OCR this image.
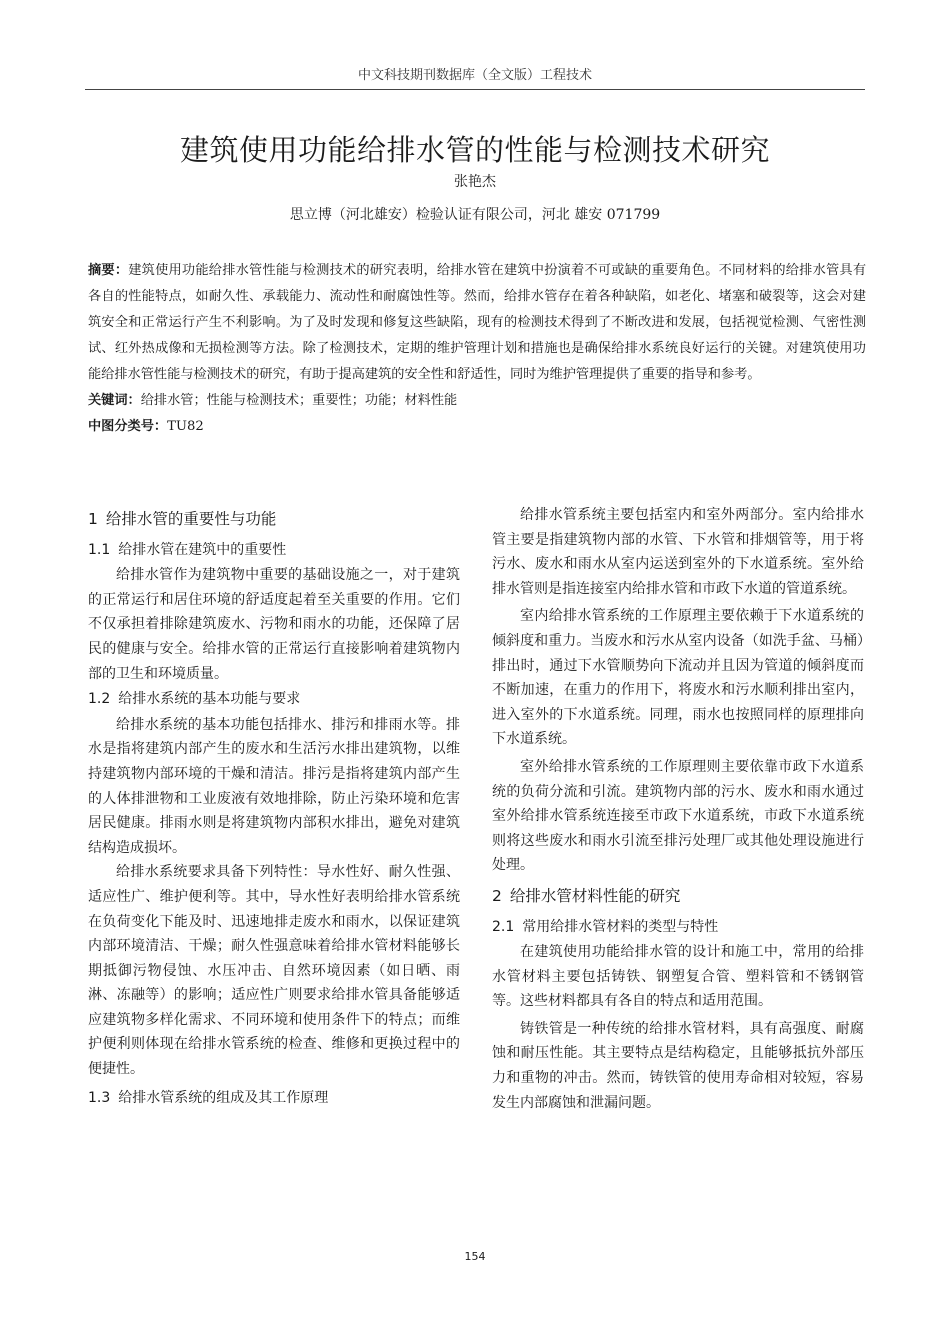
中文科技期刊数据库（全文版）工程技术
建筑使用功能给排水管的性能与检测技术研究
张艳杰
思立博（河北雄安）检验认证有限公司，河北 雄安 071799

摘要：建筑使用功能给排水管性能与检测技术的研究表明，给排水管在建筑中扮演着不可或缺的重要角色。不同材料的给排水管具有各自的性能特点，如耐久性、承载能力、流动性和耐腐蚀性等。然而，给排水管存在着各种缺陷，如老化、堵塞和破裂等，这会对建筑安全和正常运行产生不利影响。为了及时发现和修复这些缺陷，现有的检测技术得到了不断改进和发展，包括视觉检测、气密性测试、红外热成像和无损检测等方法。除了检测技术，定期的维护管理计划和措施也是确保给排水系统良好运行的关键。对建筑使用功能给排水管性能与检测技术的研究，有助于提高建筑的安全性和舒适性，同时为维护管理提供了重要的指导和参考。

关键词：给排水管；性能与检测技术；重要性；功能；材料性能

中图分类号：TU82

1 给排水管的重要性与功能
1.1 给排水管在建筑中的重要性

给排水管作为建筑物中重要的基础设施之一，对于建筑的正常运行和居住环境的舒适度起着至关重要的作用。它们不仅承担着排除建筑废水、污物和雨水的功能，还保障了居民的健康与安全。给排水管的正常运行直接影响着建筑物内部的卫生和环境质量。

1.2 给排水系统的基本功能与要求

给排水系统的基本功能包括排水、排污和排雨水等。排水是指将建筑内部产生的废水和生活污水排出建筑物，以维持建筑物内部环境的干燥和清洁。排污是指将建筑内部产生的人体排泄物和工业废液有效地排除，防止污染环境和危害居民健康。排雨水则是将建筑物内部积水排出，避免对建筑结构造成损坏。

给排水系统要求具备下列特性：导水性好、耐久性强、适应性广、维护便利等。其中，导水性好表明给排水管系统在负荷变化下能及时、迅速地排走废水和雨水，以保证建筑内部环境清洁、干燥；耐久性强意味着给排水管材料能够长期抵御污物侵蚀、水压冲击、自然环境因素（如日晒、雨淋、冻融等）的影响；适应性广则要求给排水管具备能够适应建筑物多样化需求、不同环境和使用条件下的特点；而维护便利则体现在给排水管系统的检查、维修和更换过程中的便捷性。

1.3 给排水管系统的组成及其工作原理

给排水管系统主要包括室内和室外两部分。室内给排水管主要是指建筑物内部的水管、下水管和排烟管等，用于将污水、废水和雨水从室内运送到室外的下水道系统。室外给排水管则是指连接室内给排水管和市政下水道的管道系统。

室内给排水管系统的工作原理主要依赖于下水道系统的倾斜度和重力。当废水和污水从室内设备（如洗手盆、马桶）排出时，通过下水管顺势向下流动并且因为管道的倾斜度而不断加速，在重力的作用下，将废水和污水顺利排出室内，进入室外的下水道系统。同理，雨水也按照同样的原理排向下水道系统。

室外给排水管系统的工作原理则主要依靠市政下水道系统的负荷分流和引流。建筑物内部的污水、废水和雨水通过室外给排水管系统连接至市政下水道系统，市政下水道系统则将这些废水和雨水引流至排污处理厂或其他处理设施进行处理。

2 给排水管材料性能的研究
2.1 常用给排水管材料的类型与特性

在建筑使用功能给排水管的设计和施工中，常用的给排水管材料主要包括铸铁、钢塑复合管、塑料管和不锈钢管等。这些材料都具有各自的特点和适用范围。

铸铁管是一种传统的给排水管材料，具有高强度、耐腐蚀和耐压性能。其主要特点是结构稳定，且能够抵抗外部压力和重物的冲击。然而，铸铁管的使用寿命相对较短，容易发生内部腐蚀和泄漏问题。

154
